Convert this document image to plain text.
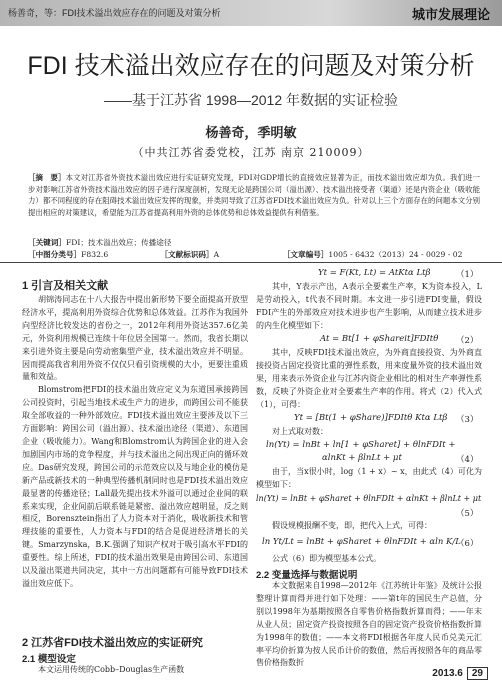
杨善奇，等：FDI技术溢出效应存在的问题及对策分析	城市发展理论
FDI 技术溢出效应存在的问题及对策分析
——基于江苏省 1998—2012 年数据的实证检验
杨善奇，季明敏
（中共江苏省委党校，江苏 南京 210009）
［摘　要］本文对江苏省外资技术溢出效应进行实证研究发现，FDI对GDP增长的直接效应显著为正，而技术溢出效应却为负。我们进一步对影响江苏省外资技术溢出效应的因子进行深度剖析，发现无论是跨国公司（溢出源）、技术溢出接受者（渠道）还是内资企业（吸收能力）都不同程度的存在阻碍技术溢出效应发挥的现象，并类同导致了江苏省FDI技术溢出效应为负。针对以上三个方面存在的问题本文分别提出相应的对策建议，希望能为江苏省提高利用外资的总体优势和总体效益提供有利借鉴。
［关键词］FDI；技术溢出效应；传播途径
［中图分类号］F832.6	［文献标识码］A	［文章编号］1005 - 6432（2013）24 - 0029 - 02
1 引言及相关文献

胡锦涛同志在十八大报告中提出新形势下要全面提高开放型经济水平，提高利用外资综合优势和总体效益。江苏作为我国外向型经济比较发达的省份之一，2012年利用外资达357.6亿美元，外资利用规模已连续十年位居全国第一。然而，我省长期以来引进外资主要是向劳动密集型产业，技术溢出效应并不明显。因而提高我省利用外资不仅仅只看引资规模的大小，更要注重质量和效益。

Blomstrom把FDI的技术溢出效应定义为东道国承接跨国公司投资时，引起当地技术或生产力的进步，而跨国公司不能获取全部收益的一种外部效应。FDI技术溢出效应主要涉及以下三方面影响：跨国公司（溢出源）、技术溢出途径（渠道）、东道国企业（吸收能力）。Wang和Blomstrom认为跨国企业的进入会加剧国内市场的竞争程度，并与技术溢出之间出现正向的循环效应。Das研究发现，跨国公司的示范效应以及与地企业的模仿是新产品或新技术的一种典型传播机制同时也是FDI技术溢出效应最显著的传播途径；Lall最先提出技术外溢可以通过企业间的联系来实现，企业间前后联系链是紧密、溢出效应越明显，反之则相反，Borensztein指出了人力资本对于消化，吸收新技术和管理技能的重要性，人力资本与FDI的结合是促进经济增长的关键。Smarzynska，B.K.强调了知识产权对于吸引高水平FDI的重要性。综上所述，FDI的技术溢出效果是由跨国公司、东道国以及溢出渠道共同决定，其中一方出问题都有可能导致FDI技术溢出效应低下。

2 江苏省FDI技术溢出效应的实证研究
2.1 模型设定

本文运用传统的Cobb–Douglas生产函数

Yt = F(Kt, Lt) = AtKtα Ltβ	（1）

其中，Y表示产出，A表示全要素生产率，K为资本投入，L是劳动投入，t代表不同时期。本文进一步引进FDI变量，假设FDI产生的外部效应对技术进步也产生影响，从而建立技术进步的内生化模型如下：

At = Bt[1 + φShareit]FDItθ （2）

其中，反映FDI技术溢出效应，为外商直接投资、为外商直接投资占固定投资比重的弹性系数，用来度量外资的技术溢出效果，用来表示外资企业与江苏内资企业相比的相对生产率弹性系数，反映了外资企业对全要素生产率的作用。将式（2）代入式（1），可得：

Yt = [Bt(1 + φShare)]FDItθ Ktα Ltβ （3）

对上式取对数：

ln(Yt) = lnBt + ln[1 + φSharet] + θlnFDIt +
αlnKt + βlnLt + μt	（4）

由于，当x很小时，log（1 + x）~ x，由此式（4）可化为模型如下：

ln(Yt) = lnBt + φSharet + θlnFDIt + αlnKt + βlnLt + μt
（5）

假设规模报酬不变，即，把代入上式，可得：

ln Yt/Lt = lnBt + φSharet + θlnFDIt + αln K/L
（6）

公式（6）即为模型基本公式。

2.2 变量选择与数据说明

本文数据来自1998—2012年《江苏统计年鉴》及统计公报整理计算而得并进行如下处理：——第t年的国民生产总值，分别以1998年为基期按照各自零售价格指数折算而得；——年末从业人员；固定资产投资按照各自的固定资产投资价格指数折算为1998年的数值；——本文将FDI根据各年度人民币兑美元汇率平均价折算为按人民币计价的数值，然后再按照各年的商品零售价格指数折

2013.6 29
